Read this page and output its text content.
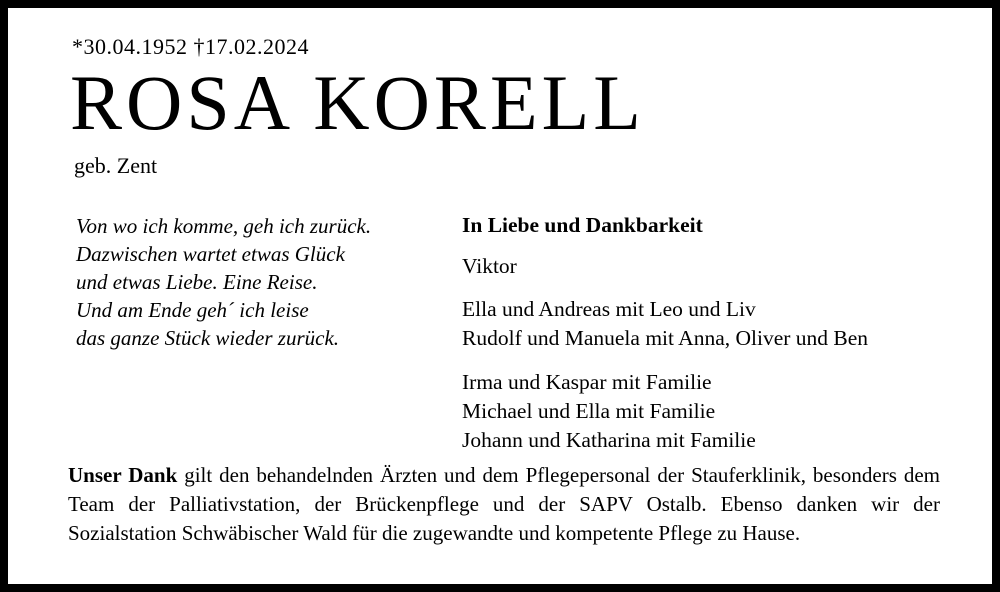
*30.04.1952 †17.02.2024
ROSA KORELL
geb. Zent
Von wo ich komme, geh ich zurück.
Dazwischen wartet etwas Glück
und etwas Liebe. Eine Reise.
Und am Ende geh´ ich leise
das ganze Stück wieder zurück.
In Liebe und Dankbarkeit
Viktor
Ella und Andreas mit Leo und Liv
Rudolf und Manuela mit Anna, Oliver und Ben
Irma und Kaspar mit Familie
Michael und Ella mit Familie
Johann und Katharina mit Familie

Unser Dank gilt den behandelnden Ärzten und dem Pflegepersonal der Stauferklinik, besonders dem Team der Palliativstation, der Brückenpflege und der SAPV Ostalb. Ebenso danken wir der Sozialstation Schwäbischer Wald für die zugewandte und kompetente Pflege zu Hause.
